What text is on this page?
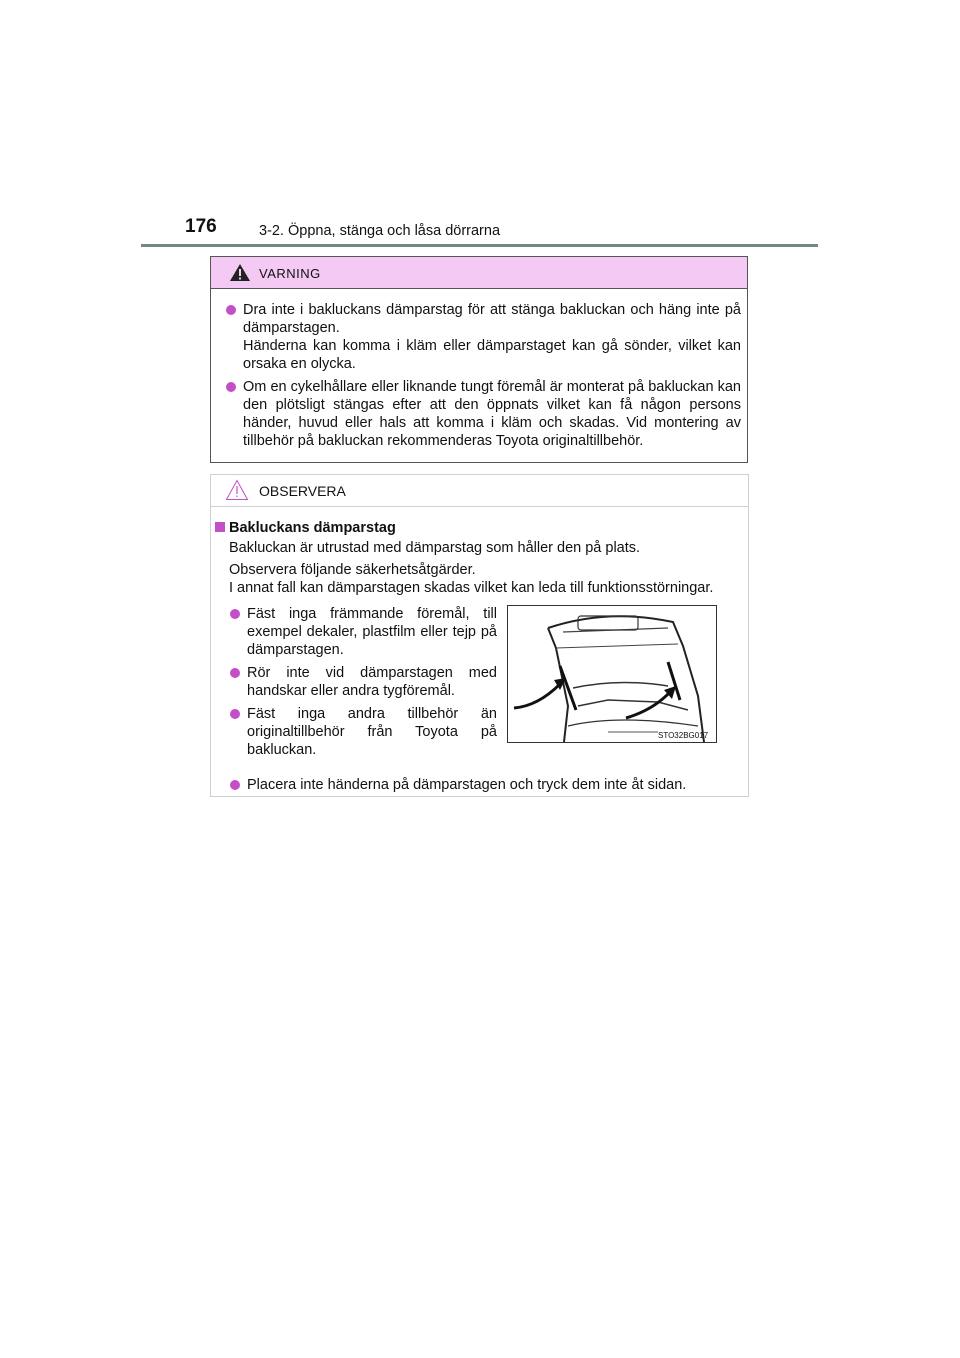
176	3-2. Öppna, stänga och låsa dörrarna
VARNING

Dra inte i bakluckans dämparstag för att stänga bakluckan och häng inte på dämparstagen.

Händerna kan komma i kläm eller dämparstaget kan gå sönder, vilket kan orsaka en olycka.

Om en cykelhållare eller liknande tungt föremål är monterat på bakluckan kan den plötsligt stängas efter att den öppnats vilket kan få någon persons händer, huvud eller hals att komma i kläm och skadas. Vid montering av tillbehör på bakluckan rekommenderas Toyota originaltillbehör.

OBSERVERA
Bakluckans dämparstag

Bakluckan är utrustad med dämparstag som håller den på plats.

Observera följande säkerhetsåtgärder.

I annat fall kan dämparstagen skadas vilket kan leda till funktionsstörningar.

Fäst inga främmande föremål, till exempel dekaler, plastfilm eller tejp på dämparstagen.

Rör inte vid dämparstagen med handskar eller andra tygföremål.

Fäst inga andra tillbehör än originaltillbehör från Toyota på bakluckan.

STO32BG017

Placera inte händerna på dämparstagen och tryck dem inte åt sidan.
